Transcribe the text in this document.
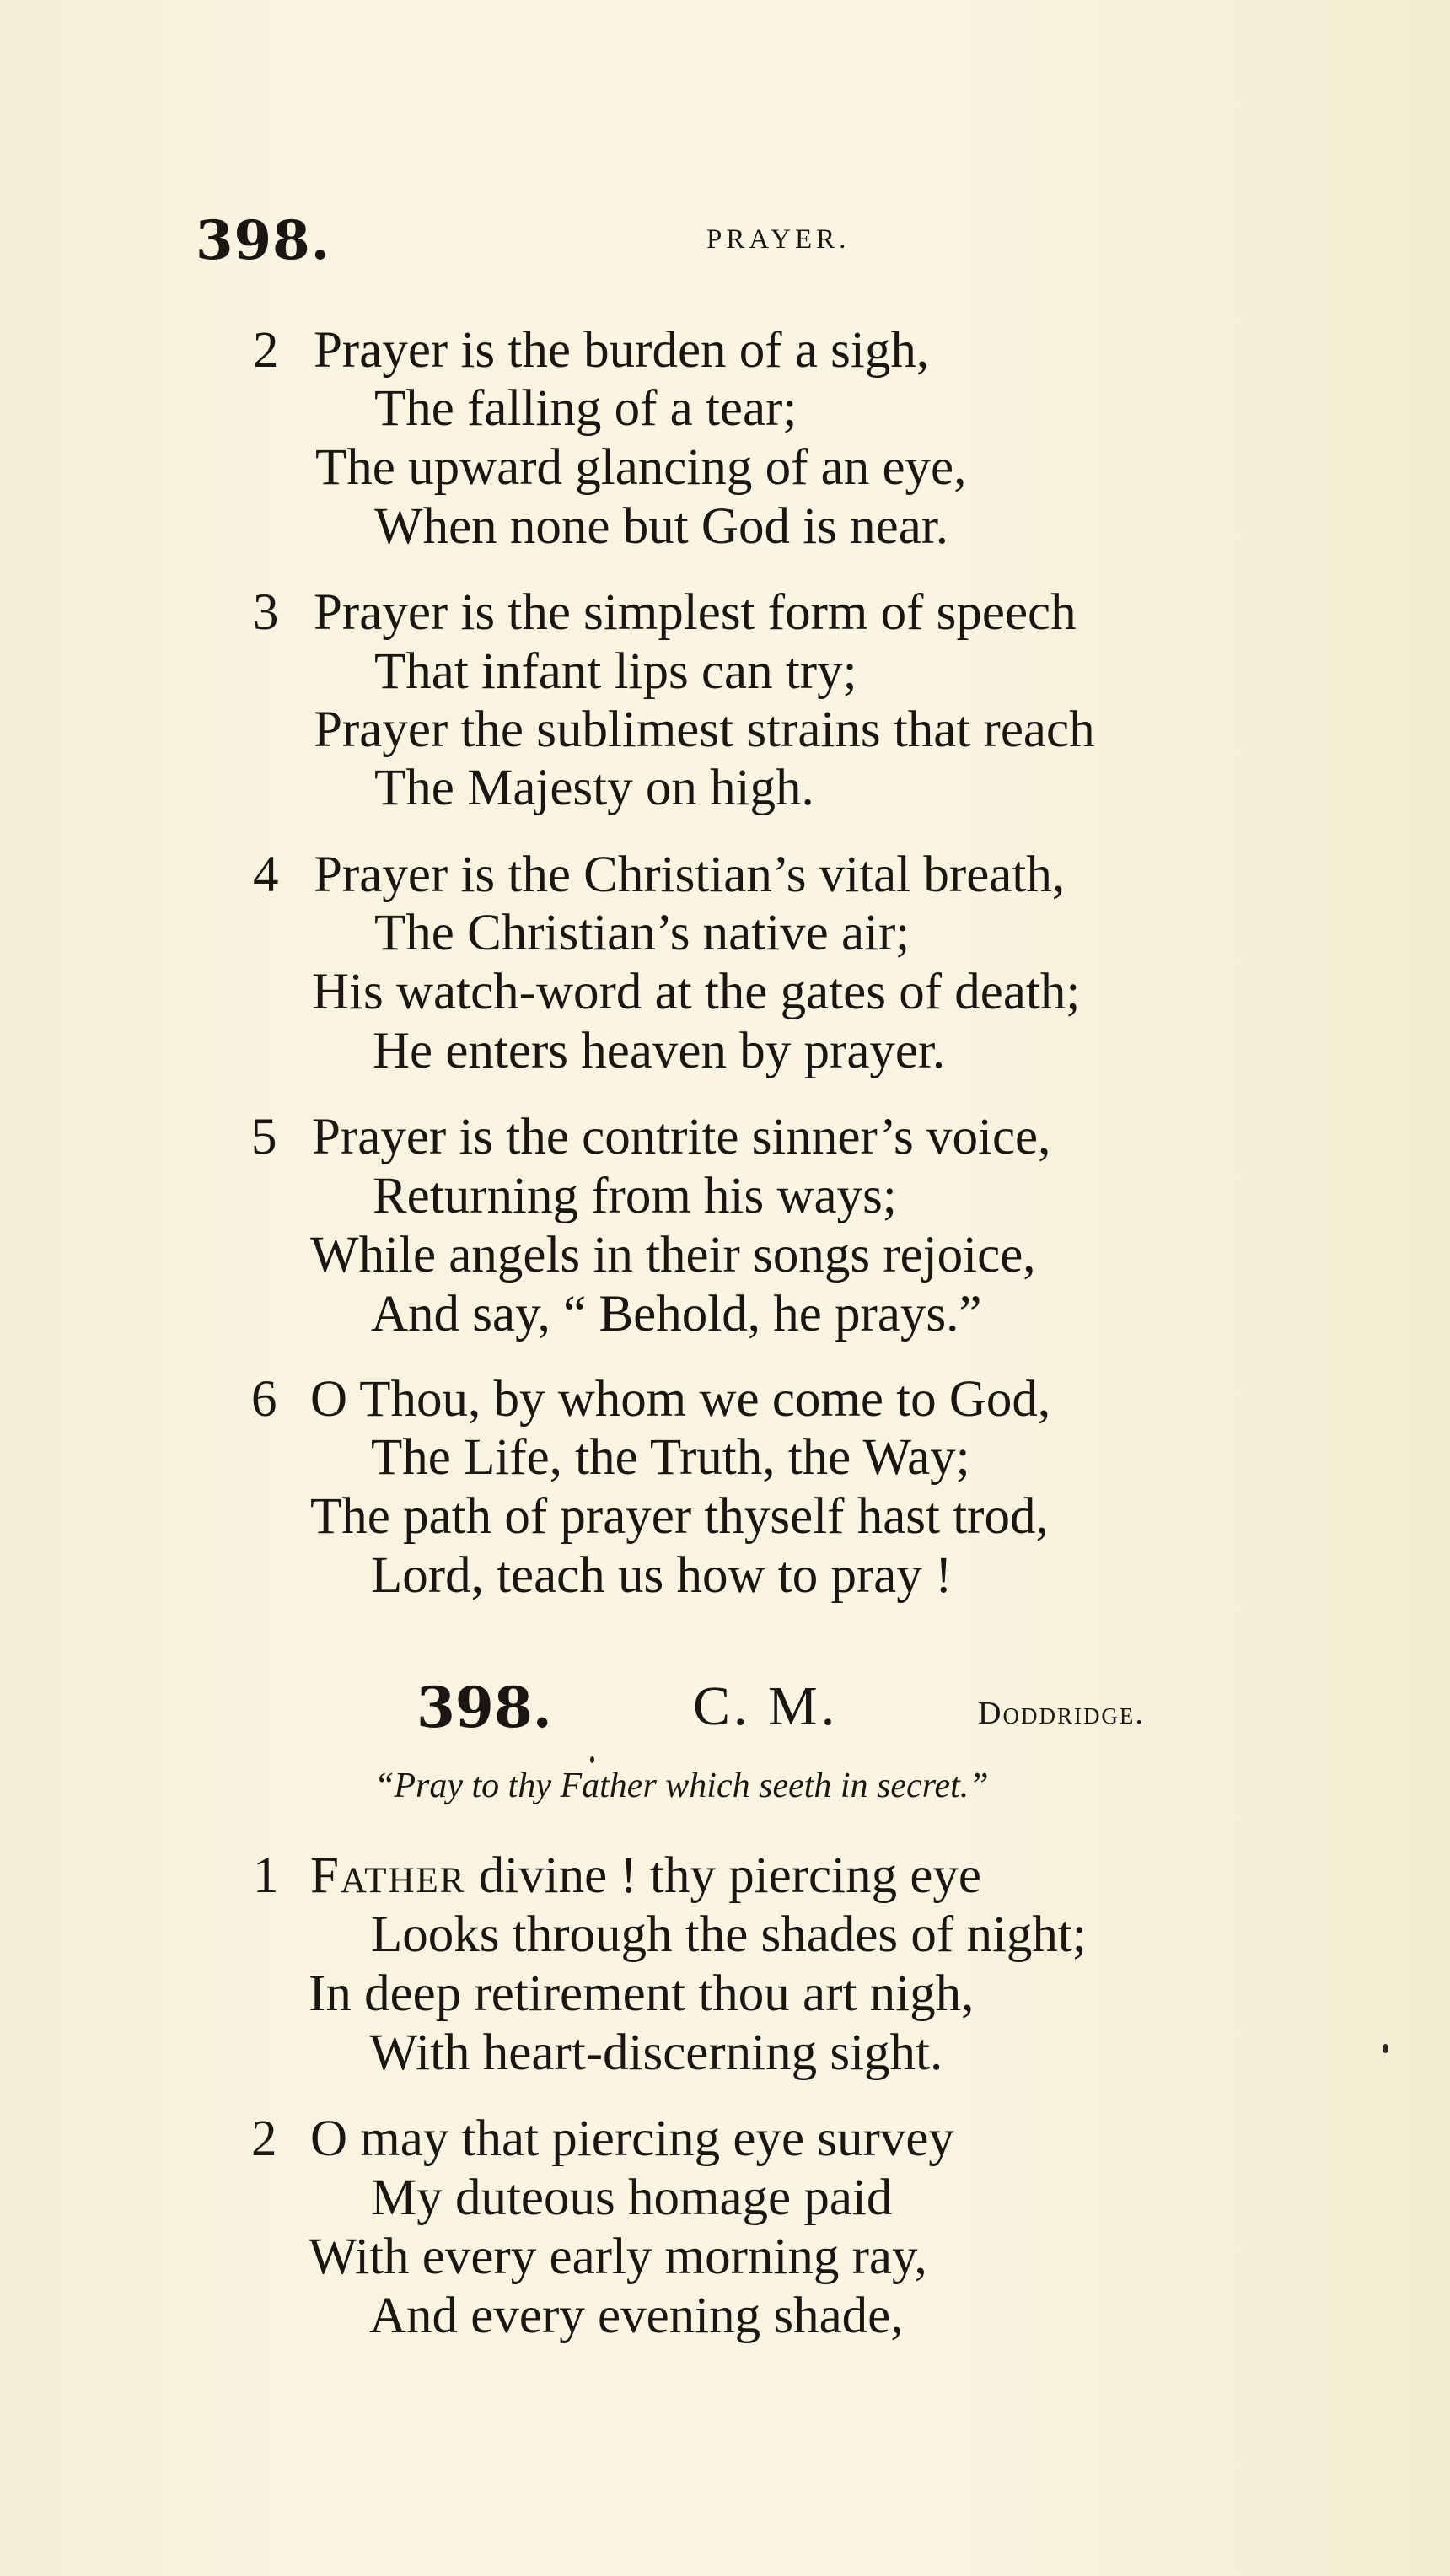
398.	PRAYER.
2 Prayer is the burden of a sigh,
The falling of a tear;
The upward glancing of an eye,
When none but God is near.
3 Prayer is the simplest form of speech
That infant lips can try;
Prayer the sublimest strains that reach
The Majesty on high.
4 Prayer is the Christian’s vital breath,
The Christian’s native air;
His watch-word at the gates of death;
He enters heaven by prayer.
5 Prayer is the contrite sinner’s voice,
Returning from his ways;
While angels in their songs rejoice,
And say, “ Behold, he prays.”
6 O Thou, by whom we come to God,
The Life, the Truth, the Way;
The path of prayer thyself hast trod,
Lord, teach us how to pray !
398.	C. M.	Doddridge.
“Pray to thy Father which seeth in secret.”
1 Father divine ! thy piercing eye
Looks through the shades of night;
In deep retirement thou art nigh,
With heart-discerning sight.
2 O may that piercing eye survey
My duteous homage paid
With every early morning ray,
And every evening shade,
